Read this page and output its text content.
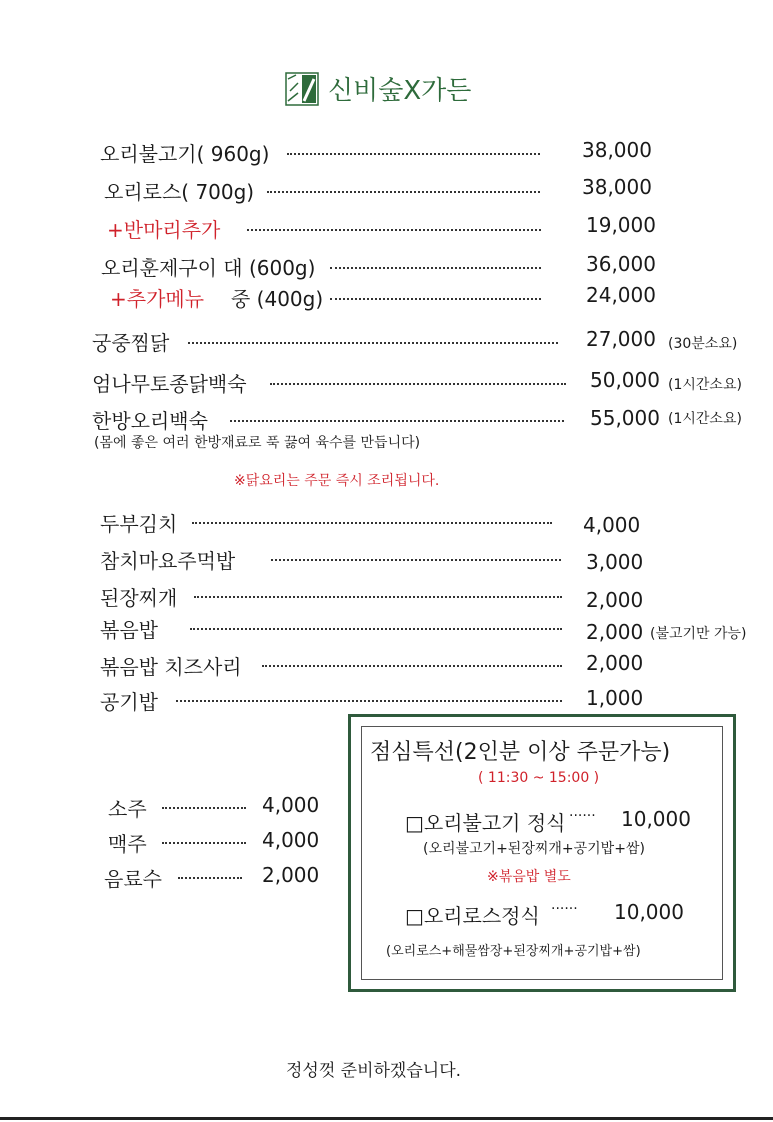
신비숲X가든
오리불고기( 960g)	38,000
오리로스( 700g)	38,000
+반마리추가	19,000
오리훈제구이 대 (600g)	36,000
+추가메뉴 중 (400g)	24,000
궁중찜닭	27,000 (30분소요)
엄나무토종닭백숙	50,000 (1시간소요)
한방오리백숙	55,000 (1시간소요)
(몸에 좋은 여러 한방재료로 푹 끓여 육수를 만듭니다)
※닭요리는 주문 즉시 조리됩니다.
두부김치	4,000
참치마요주먹밥	3,000
된장찌개	2,000
볶음밥	2,000 (불고기만 가능)
볶음밥 치즈사리	2,000
공기밥	1,000
소주	4,000
맥주	4,000
음료수	2,000
점심특선(2인분 이상 주문가능)
( 11:30 ~ 15:00 )
□오리불고기 정식 ······ 10,000
(오리불고기+된장찌개+공기밥+쌈)
※볶음밥 별도
□오리로스정식 ······ 10,000
(오리로스+해물쌈장+된장찌개+공기밥+쌈)
정성껏 준비하겠습니다.
